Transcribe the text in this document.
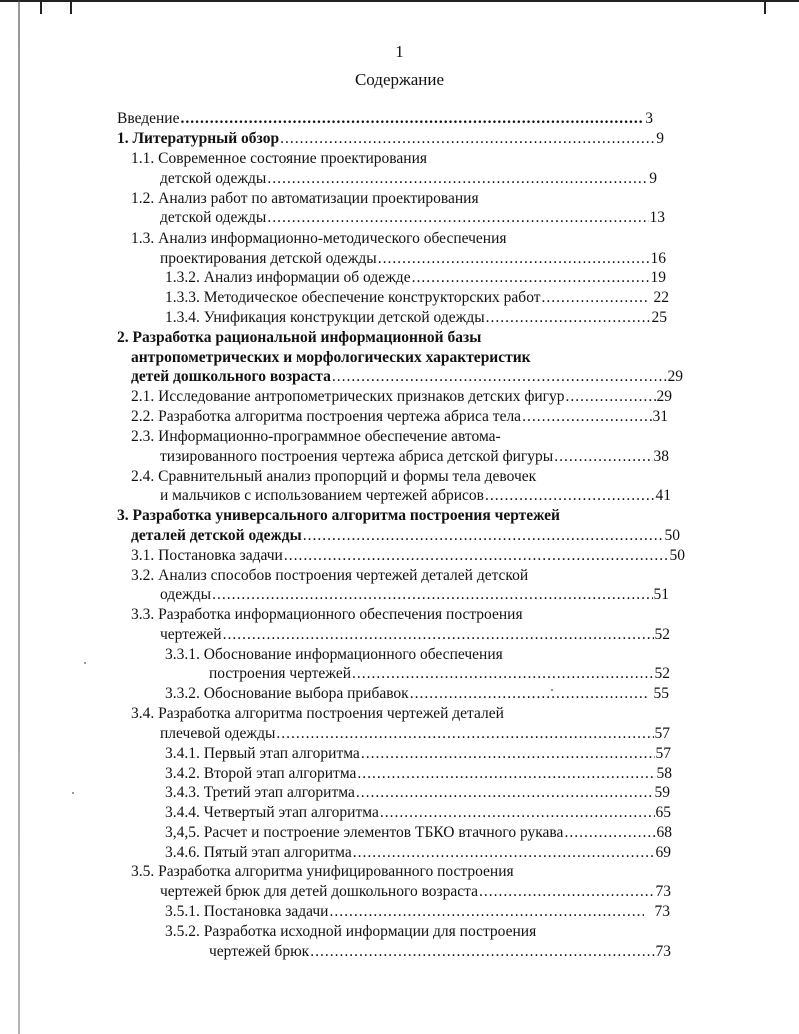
1
Содержание
Введение .....	3
1. Литературный обзор .....	9
1.1. Современное состояние проектирования
детской одежды .....	9
1.2. Анализ работ по автоматизации проектирования
детской одежды .....	13
1.3. Анализ информационно-методического обеспечения
проектирования детской одежды .....	16
1.3.2. Анализ информации об одежде .....	19
1.3.3. Методическое обеспечение конструкторских работ .....	22
1.3.4. Унификация конструкции детской одежды .....	25
2. Разработка рациональной информационной базы
антропометрических и морфологических характеристик
детей дошкольного возраста .....	29
2.1. Исследование антропометрических признаков детских фигур .....	29
2.2. Разработка алгоритма построения чертежа абриса тела .....	31
2.3. Информационно-программное обеспечение автома-
тизированного построения чертежа абриса детской фигуры .....	38
2.4. Сравнительный анализ пропорций и формы тела девочек
и мальчиков с использованием чертежей абрисов .....	41
3. Разработка универсального алгоритма построения чертежей
деталей детской одежды .....	50
3.1. Постановка задачи .....	50
3.2. Анализ способов построения чертежей деталей детской
одежды .....	51
3.3. Разработка информационного обеспечения построения
чертежей .....	52
3.3.1. Обоснование информационного обеспечения
построения чертежей .....	52
3.3.2. Обоснование выбора прибавок .....	55
3.4. Разработка алгоритма построения чертежей деталей
плечевой одежды .....	57
3.4.1. Первый этап алгоритма .....	57
3.4.2. Второй этап алгоритма .....	58
3.4.3. Третий этап алгоритма .....	59
3.4.4. Четвертый этап алгоритма .....	65
3,4,5. Расчет и построение элементов ТБКО втачного рукава .....	68
3.4.6. Пятый этап алгоритма .....	69
3.5. Разработка алгоритма унифицированного построения
чертежей брюк для детей дошкольного возраста .....	73
3.5.1. Постановка задачи .....	73
3.5.2. Разработка исходной информации для построения
чертежей брюк .....	73
